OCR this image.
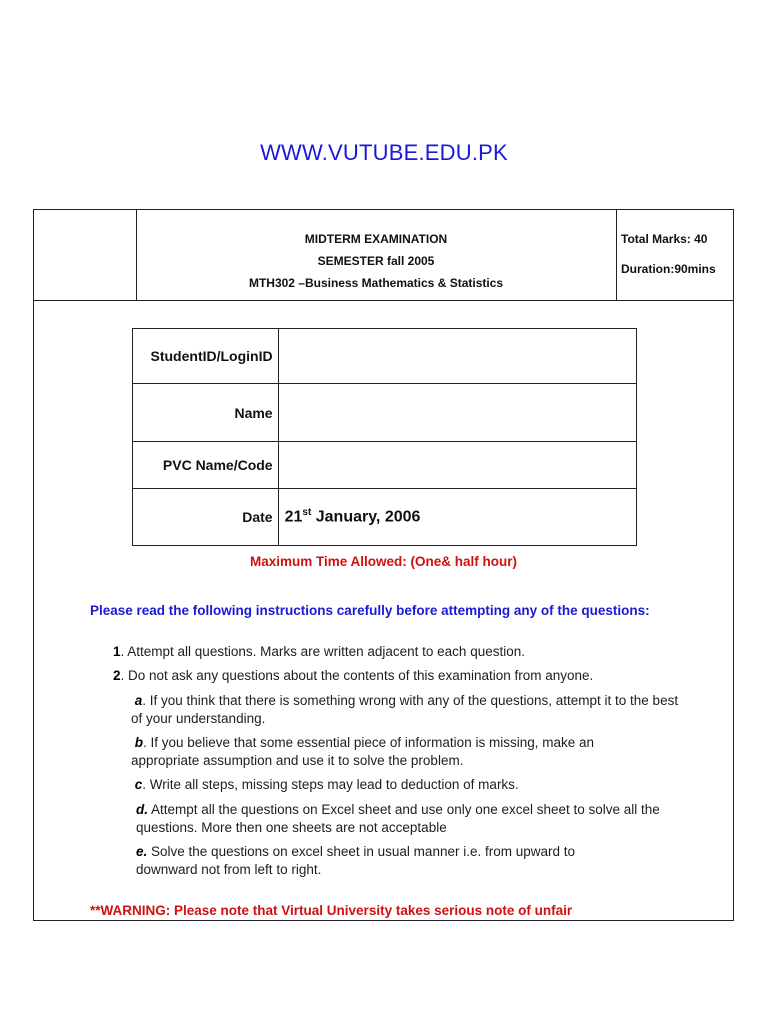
WWW.VUTUBE.EDU.PK
MIDTERM EXAMINATION
SEMESTER fall 2005
MTH302 –Business Mathematics & Statistics
Total Marks: 40
Duration:90mins
StudentID/LoginID	
Name	
PVC Name/Code	
Date	21st January, 2006
Maximum Time Allowed: (One& half hour)
Please read the following instructions carefully before attempting any of the questions:
1. Attempt all questions. Marks are written adjacent to each question.
2. Do not ask any questions about the contents of this examination from anyone.
a. If you think that there is something wrong with any of the questions, attempt it to the best of your understanding.
b. If you believe that some essential piece of information is missing, make an appropriate assumption and use it to solve the problem.
c. Write all steps, missing steps may lead to deduction of marks.
d. Attempt all the questions on Excel sheet and use only one excel sheet to solve all the questions. More then one sheets are not acceptable
e. Solve the questions on excel sheet in usual manner i.e. from upward to downward not from left to right.
**WARNING: Please note that Virtual University takes serious note of unfair
